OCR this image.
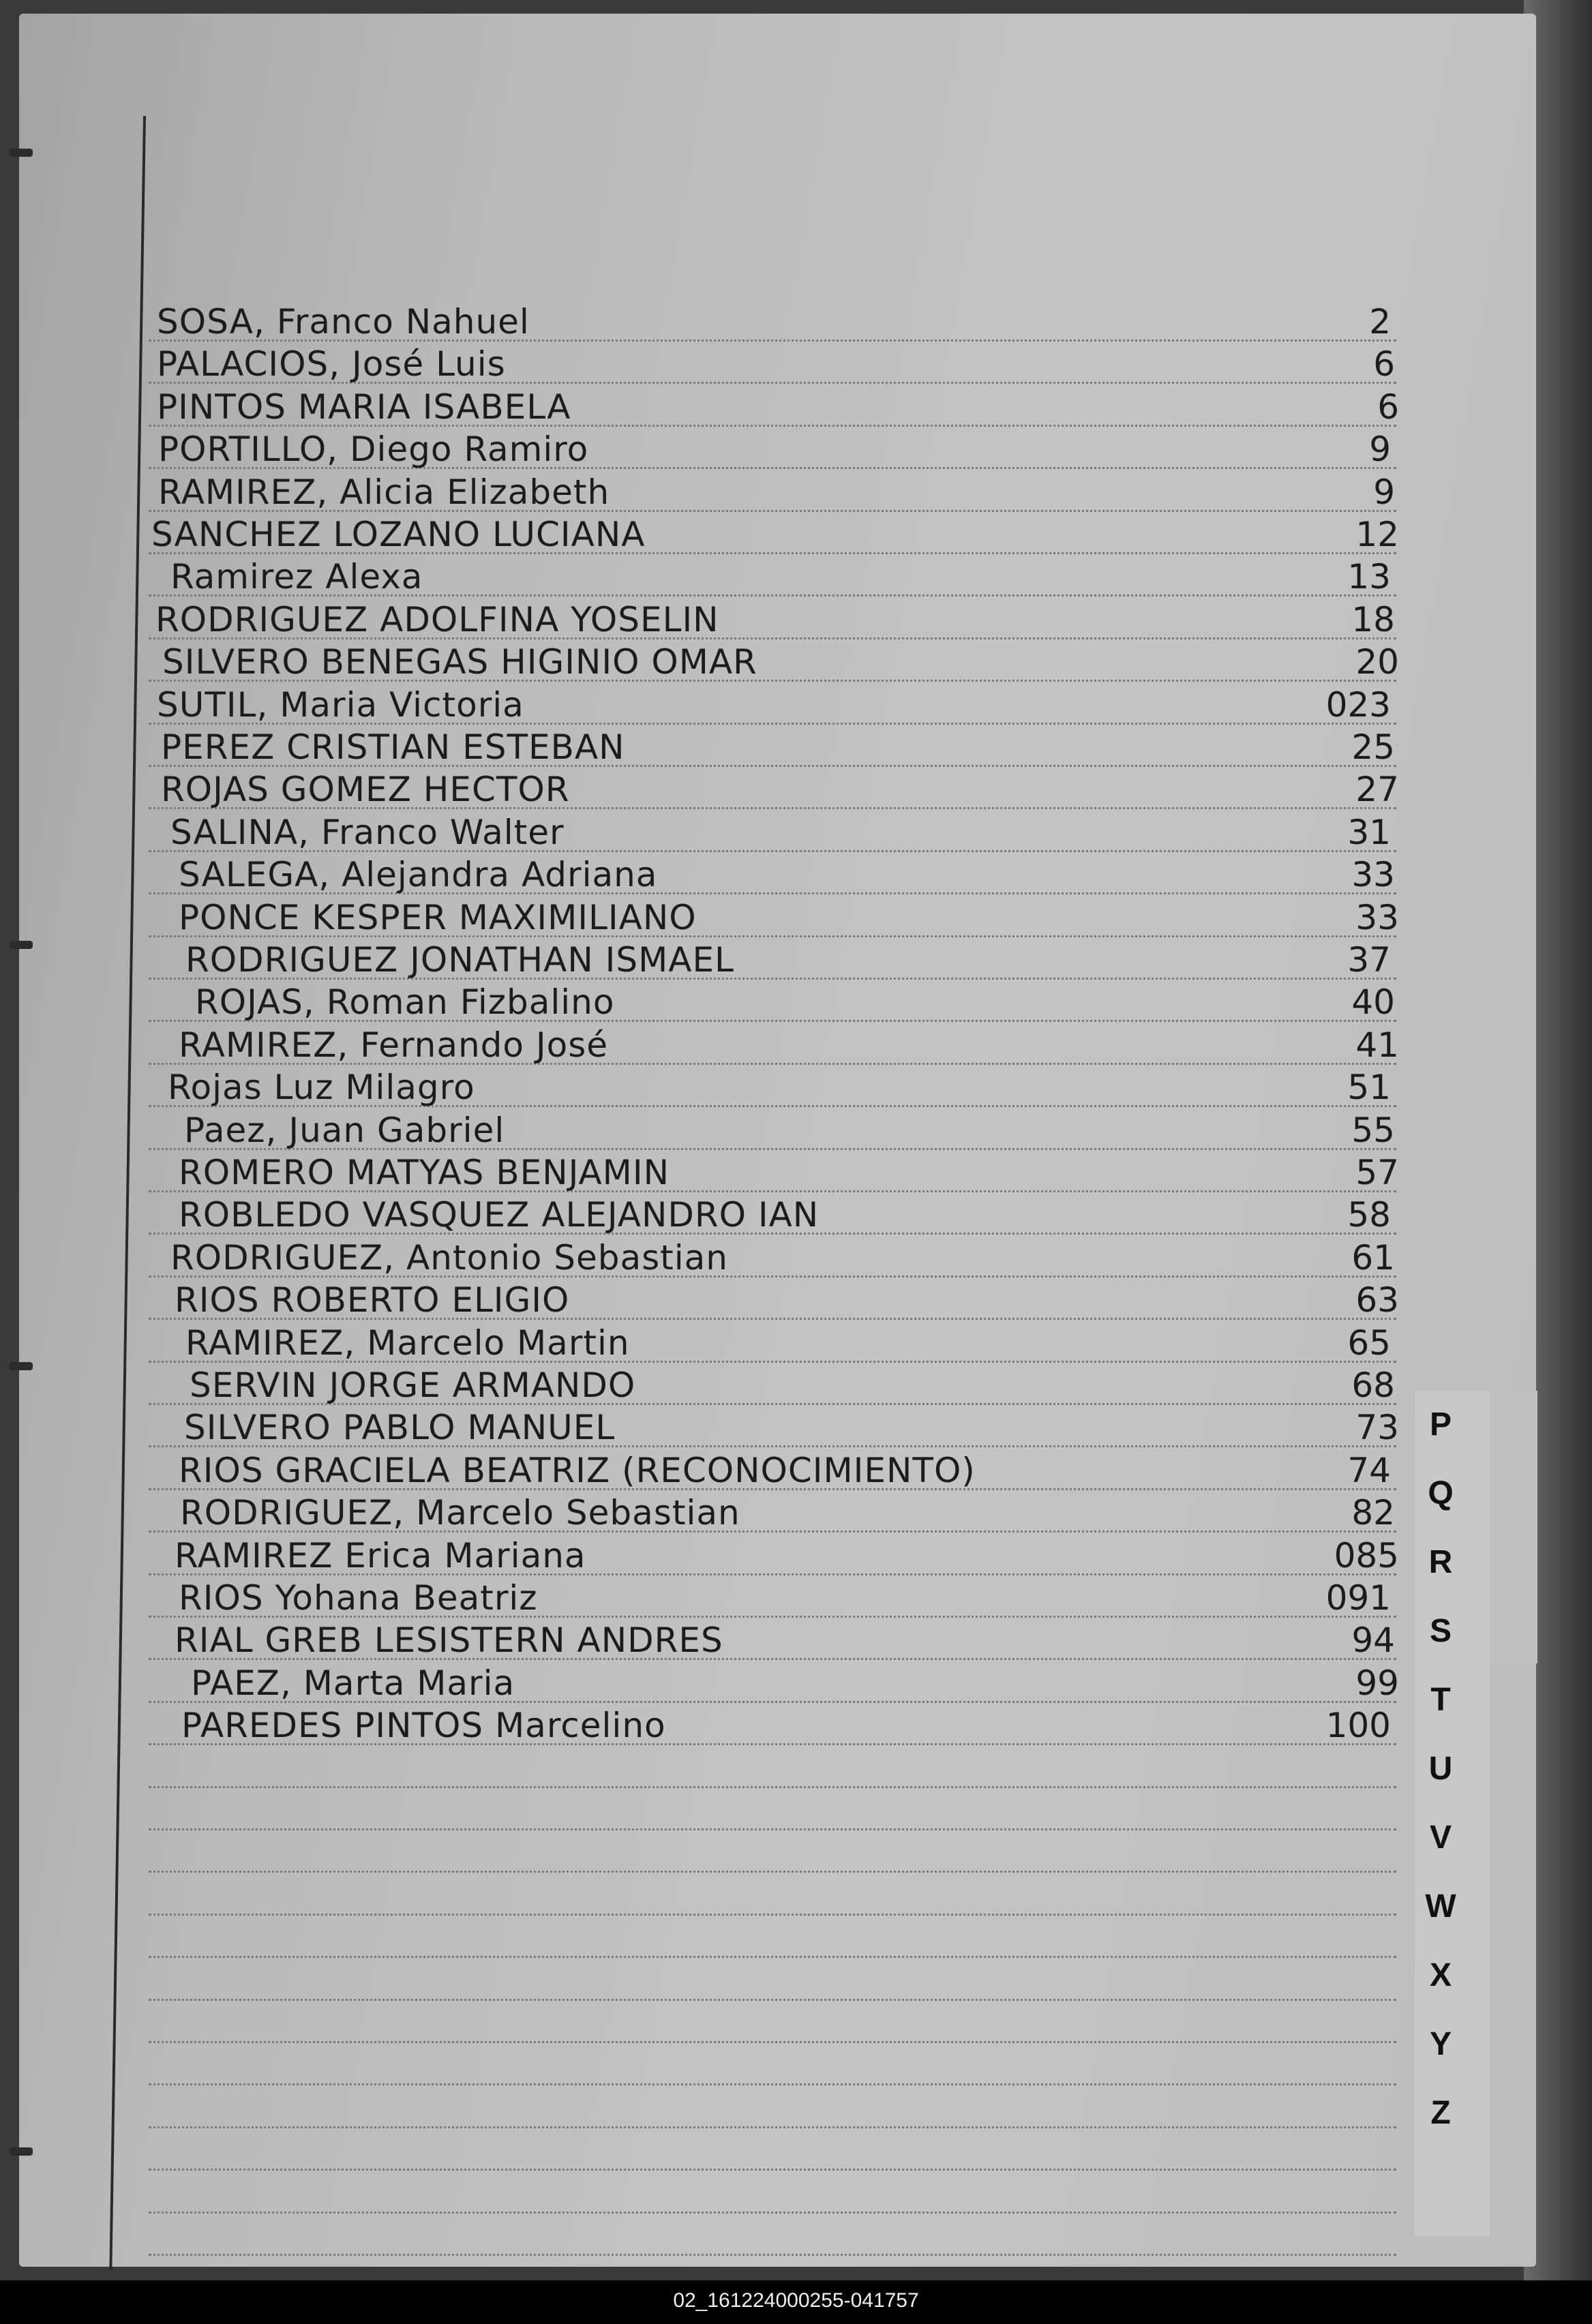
SOSA, Franco Nahuel	2
PALACIOS, José Luis	6
PINTOS MARIA ISABELA	6
PORTILLO, Diego Ramiro	9
RAMIREZ, Alicia Elizabeth	9
SANCHEZ LOZANO LUCIANA	12
Ramirez Alexa	13
RODRIGUEZ ADOLFINA YOSELIN	18
SILVERO BENEGAS HIGINIO OMAR	20
SUTIL, Maria Victoria	023
PEREZ CRISTIAN ESTEBAN	25
ROJAS GOMEZ HECTOR	27
SALINA, Franco Walter	31
SALEGA, Alejandra Adriana	33
PONCE KESPER MAXIMILIANO	33
RODRIGUEZ JONATHAN ISMAEL	37
ROJAS, Roman Fizbalino	40
RAMIREZ, Fernando José	41
Rojas Luz Milagro	51
Paez, Juan Gabriel	55
ROMERO MATYAS BENJAMIN	57
ROBLEDO VASQUEZ ALEJANDRO IAN	58
RODRIGUEZ, Antonio Sebastian	61
RIOS ROBERTO ELIGIO	63
RAMIREZ, Marcelo Martin	65
SERVIN JORGE ARMANDO	68
SILVERO PABLO MANUEL	73
RIOS GRACIELA BEATRIZ (RECONOCIMIENTO)	74
RODRIGUEZ, Marcelo Sebastian	82
RAMIREZ Erica Mariana	085
RIOS Yohana Beatriz	091
RIAL GREB LESISTERN ANDRES	94
PAEZ, Marta Maria	99
PAREDES PINTOS Marcelino	100
P
Q
R
S
T
U
V
W
X
Y
Z
02_161224000255-041757
